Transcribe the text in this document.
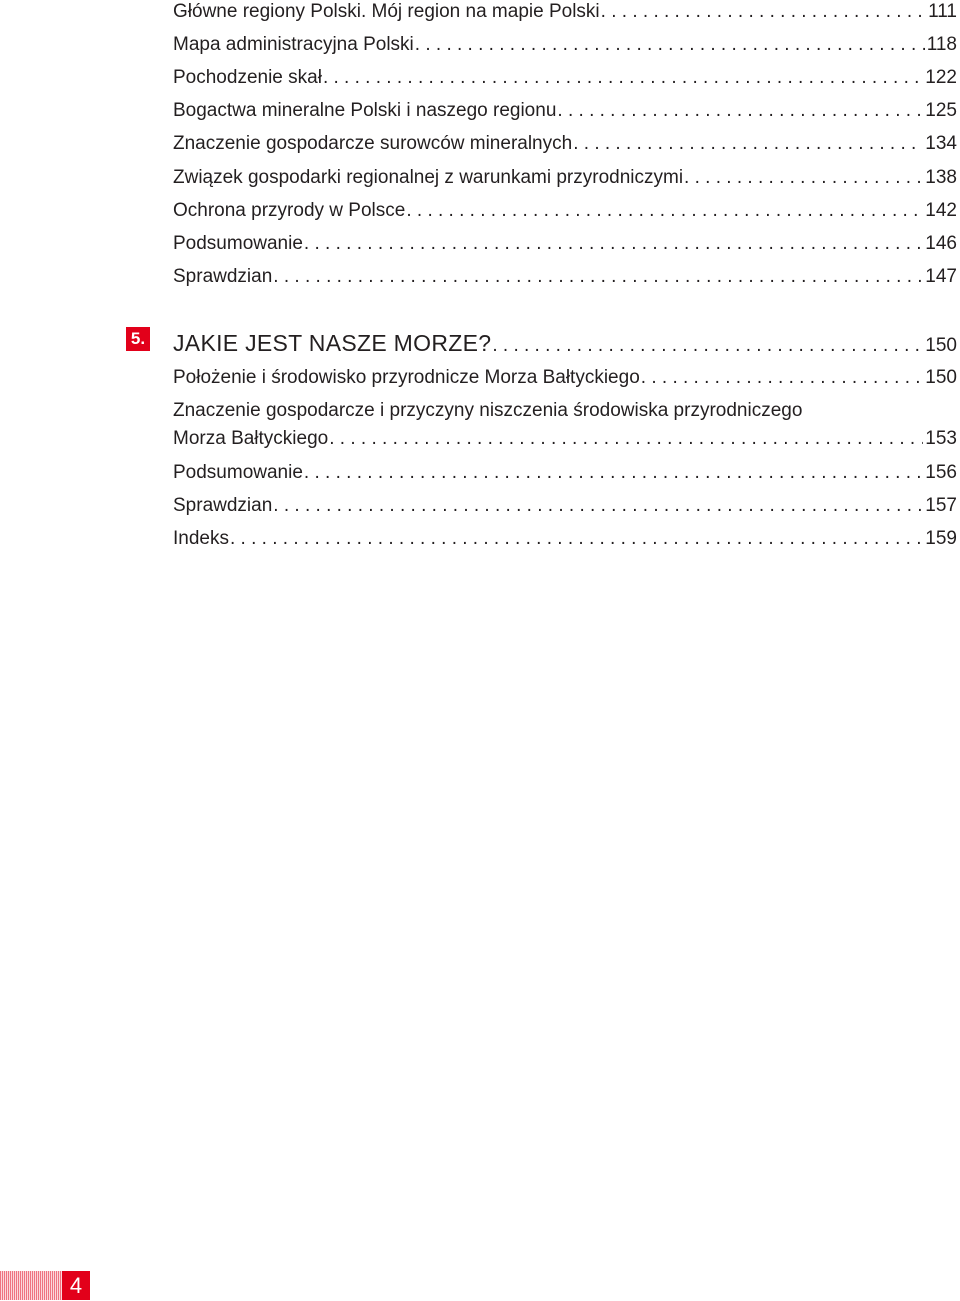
Główne regiony Polski. Mój region na mapie Polski . . .	111
Mapa administracyjna Polski . . .	118
Pochodzenie skał . . .	122
Bogactwa mineralne Polski i naszego regionu . . .	125
Znaczenie gospodarcze surowców mineralnych . . .	134
Związek gospodarki regionalnej z warunkami przyrodniczymi . . .	138
Ochrona przyrody w Polsce . . .	142
Podsumowanie . . .	146
Sprawdzian . . .	147
5. JAKIE JEST NASZE MORZE? . . .	150
Położenie i środowisko przyrodnicze Morza Bałtyckiego . . .	150
Znaczenie gospodarcze i przyczyny niszczenia środowiska przyrodniczego
Morza Bałtyckiego . . .	153
Podsumowanie . . .	156
Sprawdzian . . .	157
Indeks . . .	159
4
